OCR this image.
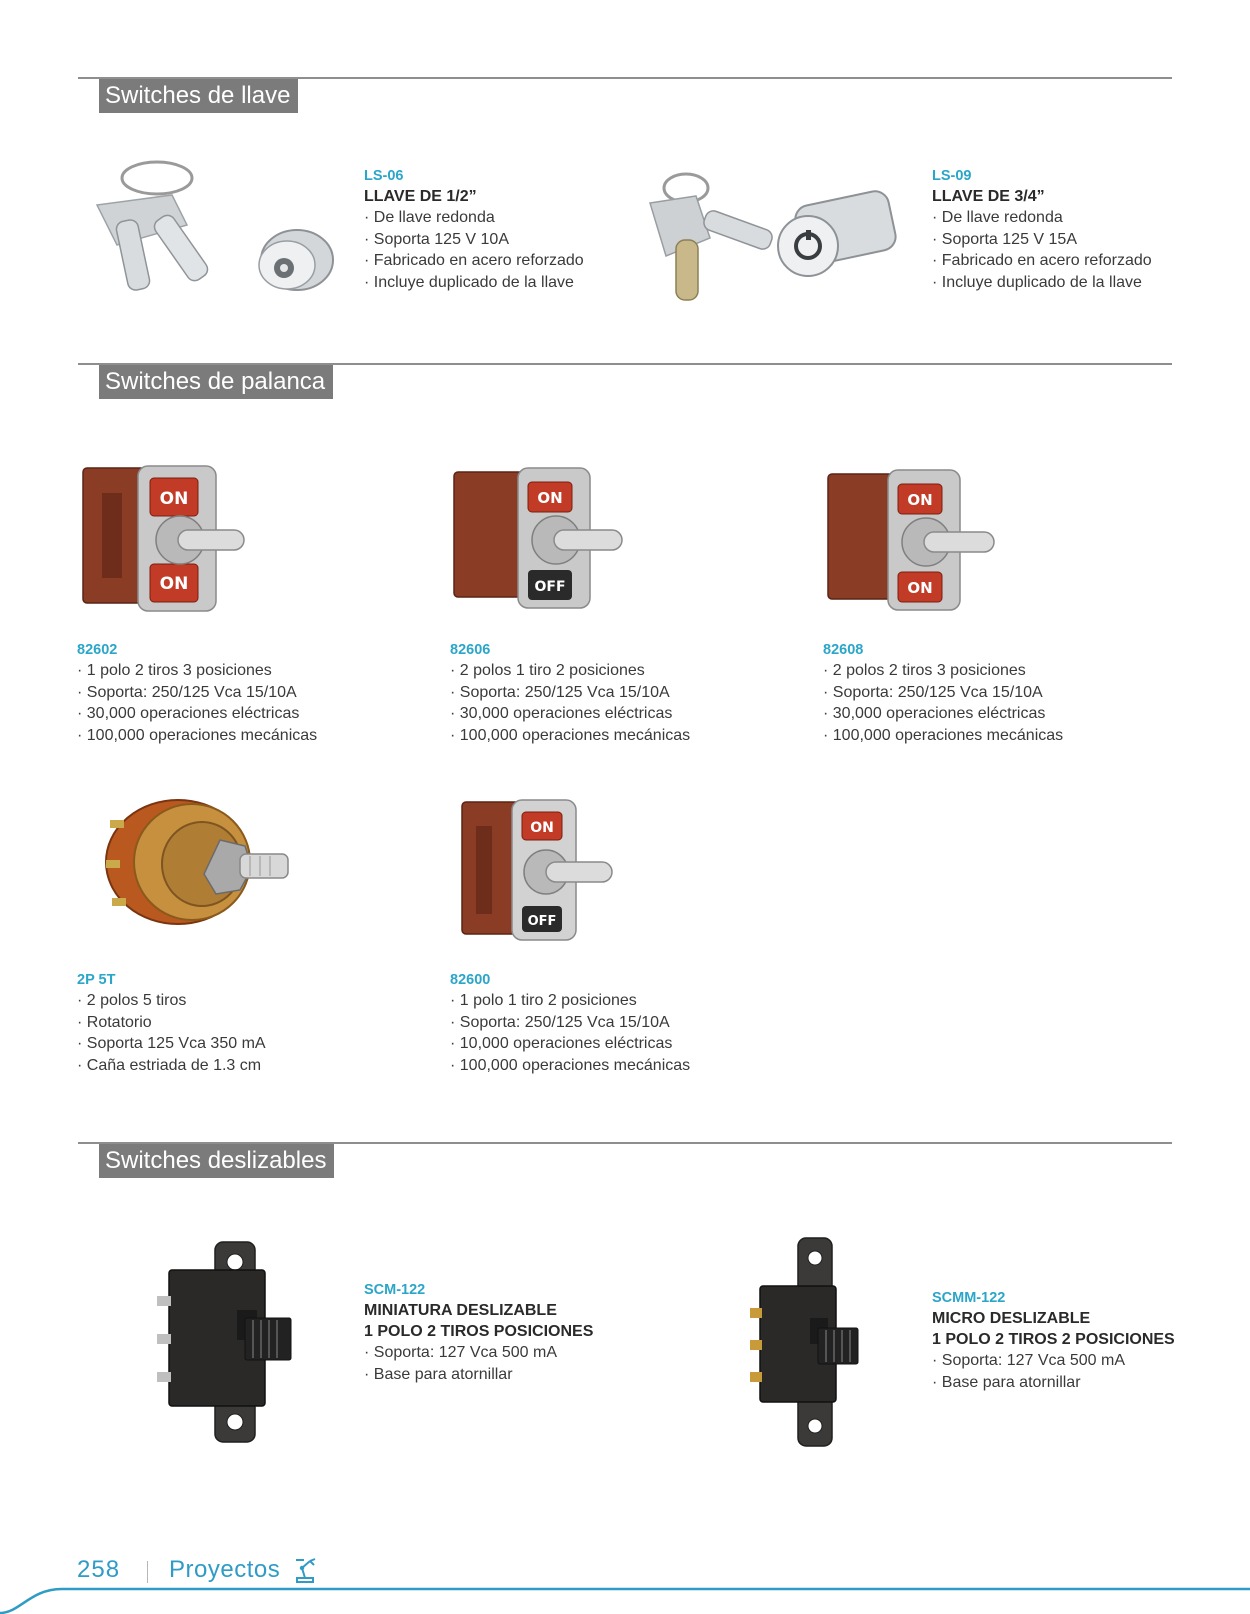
Switches de llave
LS-06
LLAVE DE 1/2”
· De llave redonda
· Soporta 125 V 10A
· Fabricado en acero reforzado
· Incluye duplicado de la llave
LS-09
LLAVE DE 3/4”
· De llave redonda
· Soporta 125 V 15A
· Fabricado en acero reforzado
· Incluye duplicado de la llave
Switches de palanca
ON
ON
82602
· 1 polo 2 tiros 3 posiciones
· Soporta: 250/125 Vca 15/10A
· 30,000 operaciones eléctricas
· 100,000 operaciones mecánicas
ON
OFF
82606
· 2 polos 1 tiro 2 posiciones
· Soporta: 250/125 Vca 15/10A
· 30,000 operaciones eléctricas
· 100,000 operaciones mecánicas
ON
ON
82608
· 2 polos 2 tiros 3 posiciones
· Soporta: 250/125 Vca 15/10A
· 30,000 operaciones eléctricas
· 100,000 operaciones mecánicas
2P 5T
· 2 polos 5 tiros
· Rotatorio
· Soporta 125 Vca 350 mA
· Caña estriada de 1.3 cm
ON
OFF
82600
· 1 polo 1 tiro 2 posiciones
· Soporta: 250/125 Vca 15/10A
· 10,000 operaciones eléctricas
· 100,000 operaciones mecánicas
Switches deslizables
SCM-122
MINIATURA DESLIZABLE
1 POLO 2 TIROS POSICIONES
· Soporta: 127 Vca 500 mA
· Base para atornillar
SCMM-122
MICRO DESLIZABLE
1 POLO 2 TIROS 2 POSICIONES
· Soporta: 127 Vca 500 mA
· Base para atornillar
258 Proyectos
